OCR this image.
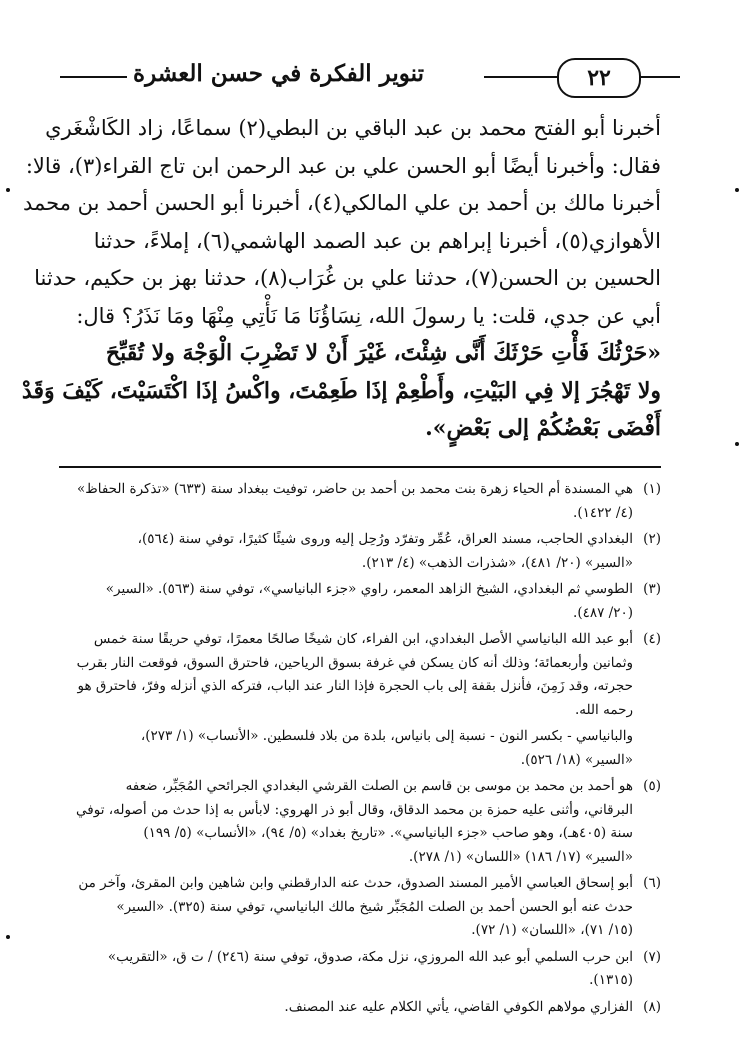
تنوير الفكرة في حسن العشرة	٢٢
أخبرنا أبو الفتح محمد بن عبد الباقي بن البطي(٢) سماعًا، زاد الكَاشْغَري
فقال: وأخبرنا أيضًا أبو الحسن علي بن عبد الرحمن ابن تاج القراء(٣)، قالا:
أخبرنا مالك بن أحمد بن علي المالكي(٤)، أخبرنا أبو الحسن أحمد بن محمد
الأهوازي(٥)، أخبرنا إبراهم بن عبد الصمد الهاشمي(٦)، إملاءً، حدثنا
الحسين بن الحسن(٧)، حدثنا علي بن غُرَاب(٨)، حدثنا بهز بن حكيم، حدثنا
أبي عن جدي، قلت: يا رسولَ الله، نِسَاؤُنَا مَا نَأْتِي مِنْهَا ومَا نَذَرُ؟ قال:
«حَرْثُكَ فَأْتِ حَرْثَكَ أَنَّى شِئْتَ، غَيْرَ أَنْ لا تَضْرِبَ الْوَجْهَ ولا تُقَبِّحَ
ولا تَهْجُرَ إلا فِي البَيْتِ، وأَطْعِمْ إذَا طَعِمْتَ، واكْسُ إذَا اكْتَسَيْتَ، كَيْفَ وَقَدْ
أَفْضَى بَعْضُكُمْ إلى بَعْضٍ».
(١)
هي المسندة أم الحياء زهرة بنت محمد بن أحمد بن حاضر، توفيت ببغداد سنة (٦٣٣) «تذكرة الحفاظ»
(٤/ ١٤٢٢).
(٢)
البغدادي الحاجب، مسند العراق، عُمِّر وتفرّد ورُحِل إليه وروى شيئًا كثيرًا، توفي سنة (٥٦٤)،
«السير» (٢٠/ ٤٨١)، «شذرات الذهب» (٤/ ٢١٣).
(٣)
الطوسي ثم البغدادي، الشيخ الزاهد المعمر، راوي «جزء البانياسي»، توفي سنة (٥٦٣). «السير»
(٢٠/ ٤٨٧).
(٤)
أبو عبد الله البانياسي الأصل البغدادي، ابن الفراء، كان شيخًا صالحًا معمرًا، توفي حريقًا سنة خمس
وثمانين وأربعمائة؛ وذلك أنه كان يسكن في غرفة بسوق الرياحين، فاحترق السوق، فوقعت النار بقرب
حجرته، وقد زَمِنَ، فأنزل بقفة إلى باب الحجرة فإذا النار عند الباب، فتركه الذي أنزله وفرّ، فاحترق هو
رحمه الله.
والبانياسي - بكسر النون - نسبة إلى بانياس، بلدة من بلاد فلسطين. «الأنساب» (١/ ٢٧٣)،
«السير» (١٨/ ٥٢٦).
(٥)
هو أحمد بن محمد بن موسى بن قاسم بن الصلت القرشي البغدادي الجرائحي المُجَبِّر، ضعفه
البرقاني، وأثنى عليه حمزة بن محمد الدقاق، وقال أبو ذر الهروي: لابأس به إذا حدث من أصوله، توفي
سنة (٤٠٥هـ)، وهو صاحب «جزء البانياسي». «تاريخ بغداد» (٥/ ٩٤)، «الأنساب» (٥/ ١٩٩)
«السير» (١٧/ ١٨٦) «اللسان» (١/ ٢٧٨).
(٦)
أبو إسحاق العباسي الأمير المسند الصدوق، حدث عنه الدارقطني وابن شاهين وابن المقرئ، وآخر من
حدث عنه أبو الحسن أحمد بن الصلت المُجَبِّر شيخ مالك البانياسي، توفي سنة (٣٢٥). «السير»
(١٥/ ٧١)، «اللسان» (١/ ٧٢).
(٧)
ابن حرب السلمي أبو عبد الله المروزي، نزل مكة، صدوق، توفي سنة (٢٤٦) / ت ق، «التقريب»
(١٣١٥).
(٨)
الفزاري مولاهم الكوفي القاضي، يأتي الكلام عليه عند المصنف.
